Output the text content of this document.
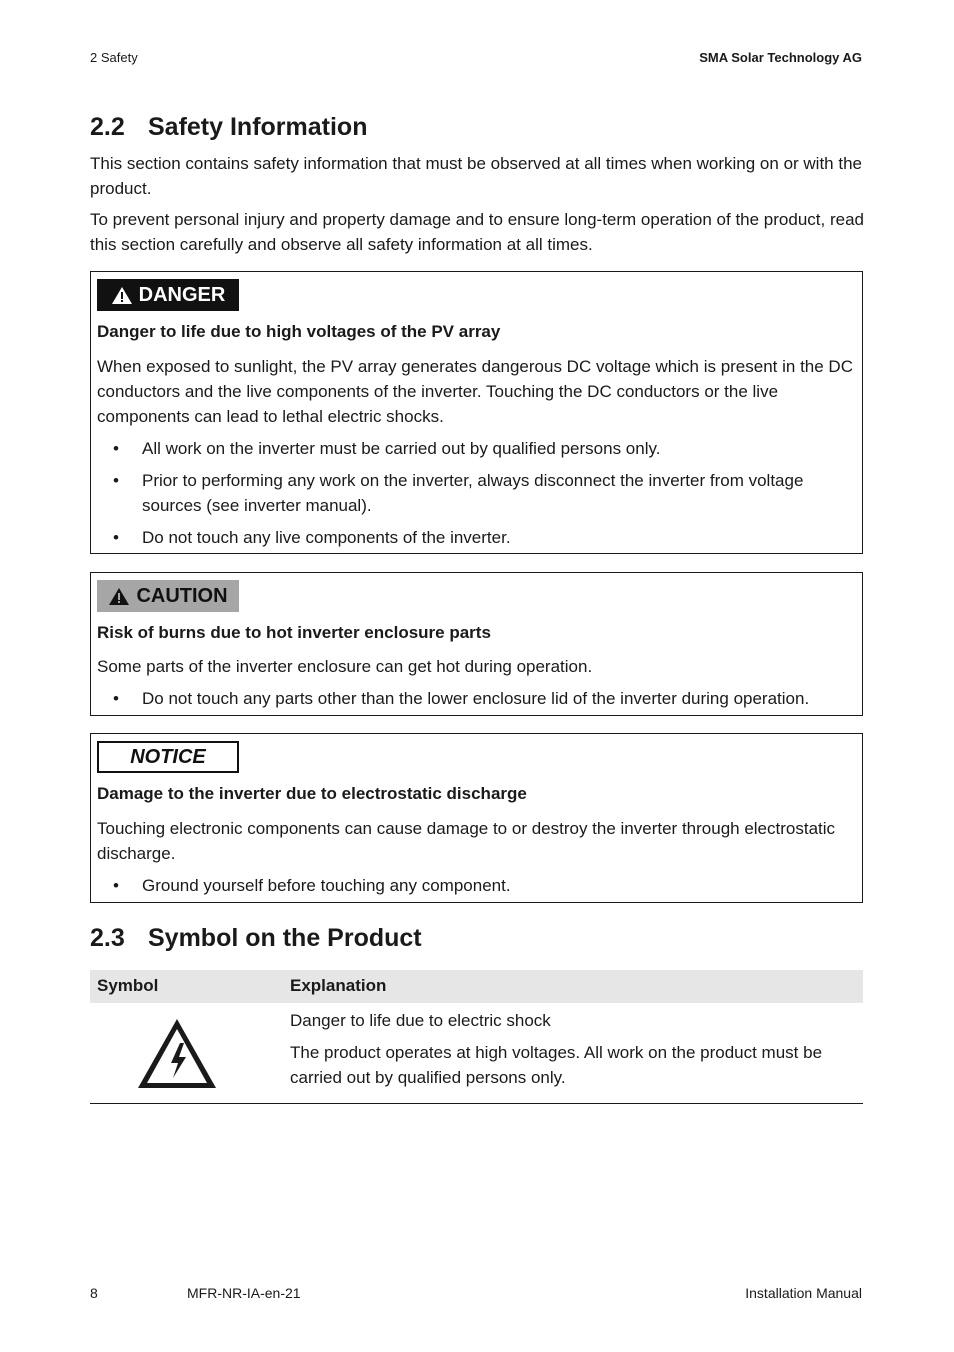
2 Safety	SMA Solar Technology AG
2.2 Safety Information

This section contains safety information that must be observed at all times when working on or with the product.

To prevent personal injury and property damage and to ensure long-term operation of the product, read this section carefully and observe all safety information at all times.

DANGER
Danger to life due to high voltages of the PV array

When exposed to sunlight, the PV array generates dangerous DC voltage which is present in the DC conductors and the live components of the inverter. Touching the DC conductors or the live components can lead to lethal electric shocks.

• All work on the inverter must be carried out by qualified persons only.
• Prior to performing any work on the inverter, always disconnect the inverter from voltage sources (see inverter manual).
• Do not touch any live components of the inverter.
CAUTION
Risk of burns due to hot inverter enclosure parts

Some parts of the inverter enclosure can get hot during operation.

• Do not touch any parts other than the lower enclosure lid of the inverter during operation.
NOTICE
Damage to the inverter due to electrostatic discharge

Touching electronic components can cause damage to or destroy the inverter through electrostatic discharge.

• Ground yourself before touching any component.
2.3 Symbol on the Product
Symbol	Explanation
Danger to life due to electric shock
The product operates at high voltages. All work on the product must be carried out by qualified persons only.
8	MFR-NR-IA-en-21	Installation Manual
